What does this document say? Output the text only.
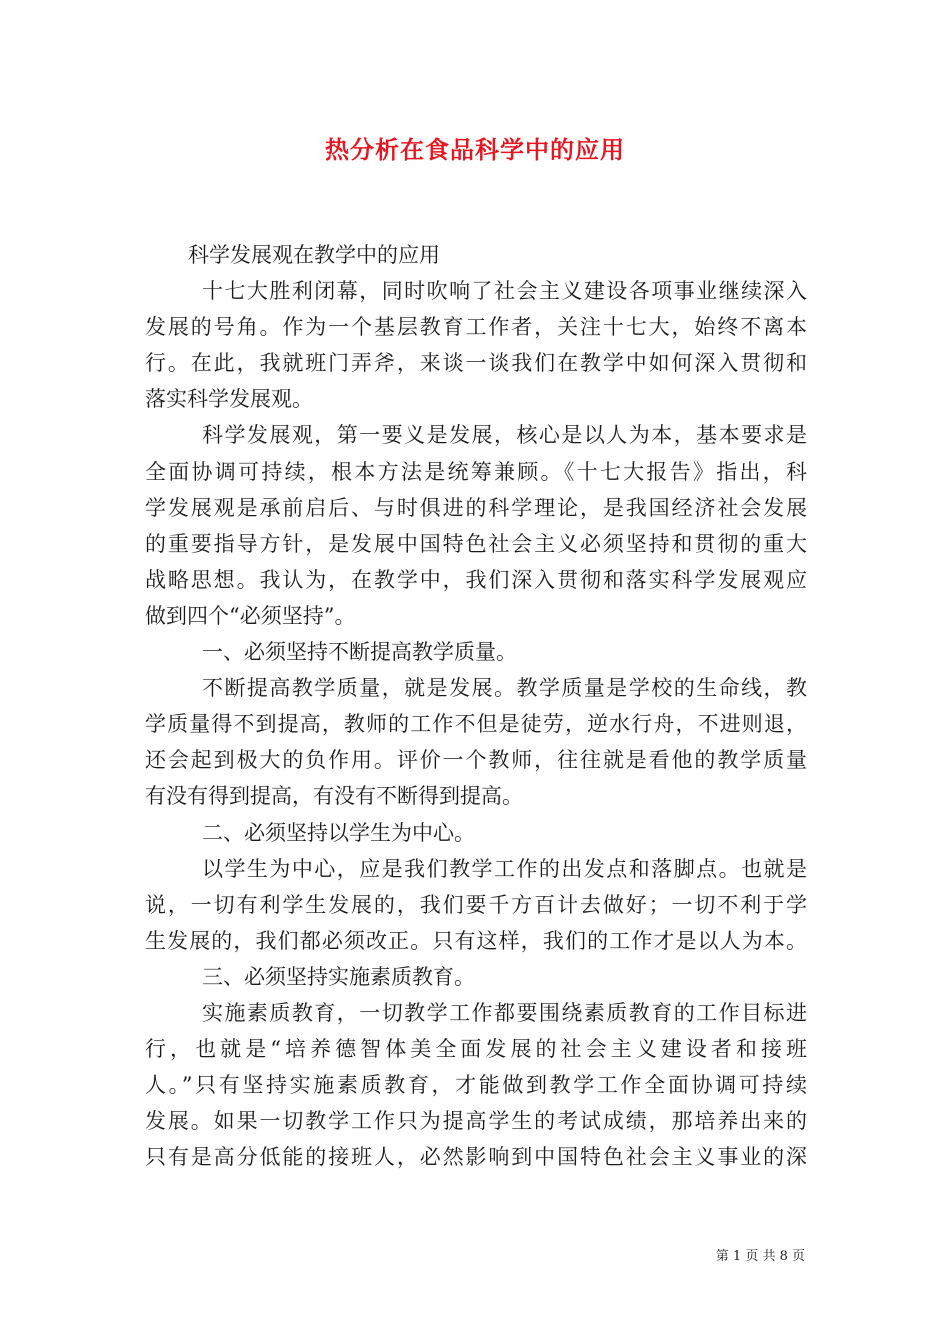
热分析在食品科学中的应用
科学发展观在教学中的应用
十七大胜利闭幕，同时吹响了社会主义建设各项事业继续深入
发展的号角。作为一个基层教育工作者，关注十七大，始终不离本
行。在此，我就班门弄斧，来谈一谈我们在教学中如何深入贯彻和
落实科学发展观。
科学发展观，第一要义是发展，核心是以人为本，基本要求是
全面协调可持续，根本方法是统筹兼顾。《十七大报告》指出，科
学发展观是承前启后、与时俱进的科学理论，是我国经济社会发展
的重要指导方针，是发展中国特色社会主义必须坚持和贯彻的重大
战略思想。我认为，在教学中，我们深入贯彻和落实科学发展观应
做到四个“必须坚持”。
一、必须坚持不断提高教学质量。
不断提高教学质量，就是发展。教学质量是学校的生命线，教
学质量得不到提高，教师的工作不但是徒劳，逆水行舟，不进则退，
还会起到极大的负作用。评价一个教师，往往就是看他的教学质量
有没有得到提高，有没有不断得到提高。
二、必须坚持以学生为中心。
以学生为中心，应是我们教学工作的出发点和落脚点。也就是
说，一切有利学生发展的，我们要千方百计去做好；一切不利于学
生发展的，我们都必须改正。只有这样，我们的工作才是以人为本。
三、必须坚持实施素质教育。
实施素质教育，一切教学工作都要围绕素质教育的工作目标进
行，也就是“培养德智体美全面发展的社会主义建设者和接班
人。”只有坚持实施素质教育，才能做到教学工作全面协调可持续
发展。如果一切教学工作只为提高学生的考试成绩，那培养出来的
只有是高分低能的接班人，必然影响到中国特色社会主义事业的深
第 1 页 共 8 页
